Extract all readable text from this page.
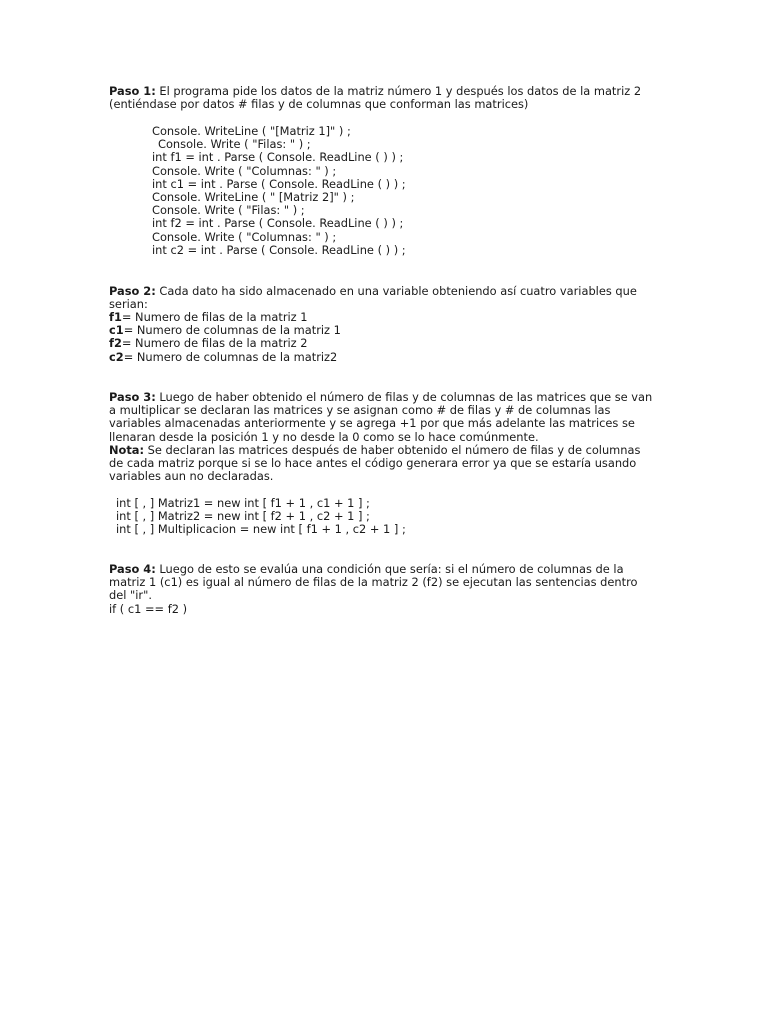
Paso 1: El programa pide los datos de la matriz número 1 y después los datos de la matriz 2 (entiéndase por datos # filas y de columnas que conforman las matrices)

Console. WriteLine ( "[Matriz 1]" ) ;

Console. Write ( "Filas: " ) ;

int f1 = int . Parse ( Console. ReadLine ( ) ) ;

Console. Write ( "Columnas: " ) ;

int c1 = int . Parse ( Console. ReadLine ( ) ) ;

Console. WriteLine ( " [Matriz 2]" ) ;

Console. Write ( "Filas: " ) ;

int f2 = int . Parse ( Console. ReadLine ( ) ) ;

Console. Write ( "Columnas: " ) ;

int c2 = int . Parse ( Console. ReadLine ( ) ) ;

Paso 2: Cada dato ha sido almacenado en una variable obteniendo así cuatro variables que serian:

f1= Numero de filas de la matriz 1

c1= Numero de columnas de la matriz 1

f2= Numero de filas de la matriz 2

c2= Numero de columnas de la matriz2

Paso 3: Luego de haber obtenido el número de filas y de columnas de las matrices que se van a multiplicar se declaran las matrices y se asignan como # de filas y # de columnas las variables almacenadas anteriormente y se agrega +1 por que más adelante las matrices se llenaran desde la posición 1 y no desde la 0 como se lo hace comúnmente.

Nota: Se declaran las matrices después de haber obtenido el número de filas y de columnas de cada matriz porque si se lo hace antes el código generara error ya que se estaría usando variables aun no declaradas.

int [ , ] Matriz1 = new int [ f1 + 1 , c1 + 1 ] ;

int [ , ] Matriz2 = new int [ f2 + 1 , c2 + 1 ] ;

int [ , ] Multiplicacion = new int [ f1 + 1 , c2 + 1 ] ;

Paso 4: Luego de esto se evalúa una condición que sería: si el número de columnas de la matriz 1 (c1) es igual al número de filas de la matriz 2 (f2) se ejecutan las sentencias dentro del "ir".

if ( c1 == f2 )
